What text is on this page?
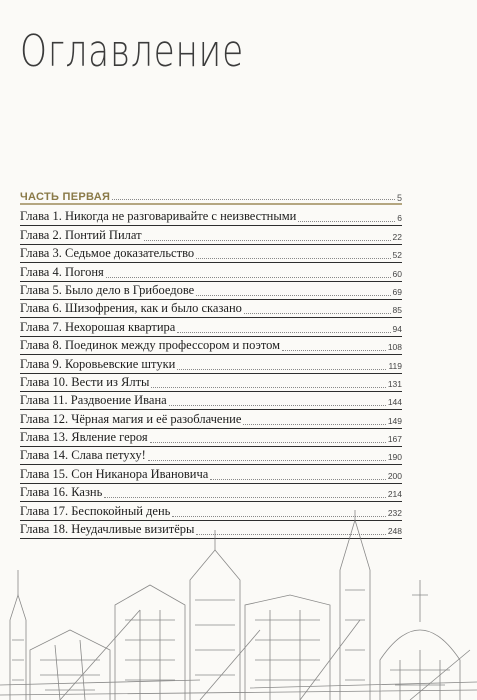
Оглавление
ЧАСТЬ ПЕРВАЯ	5
Глава 1. Никогда не разговаривайте с неизвестными	6
Глава 2. Понтий Пилат	22
Глава 3. Седьмое доказательство	52
Глава 4. Погоня	60
Глава 5. Было дело в Грибоедове	69
Глава 6. Шизофрения, как и было сказано	85
Глава 7. Нехорошая квартира	94
Глава 8. Поединок между профессором и поэтом	108
Глава 9. Коровьевские штуки	119
Глава 10. Вести из Ялты	131
Глава 11. Раздвоение Ивана	144
Глава 12. Чёрная магия и её разоблачение	149
Глава 13. Явление героя	167
Глава 14. Слава петуху!	190
Глава 15. Сон Никанора Ивановича	200
Глава 16. Казнь	214
Глава 17. Беспокойный день	232
Глава 18. Неудачливые визитёры	248
